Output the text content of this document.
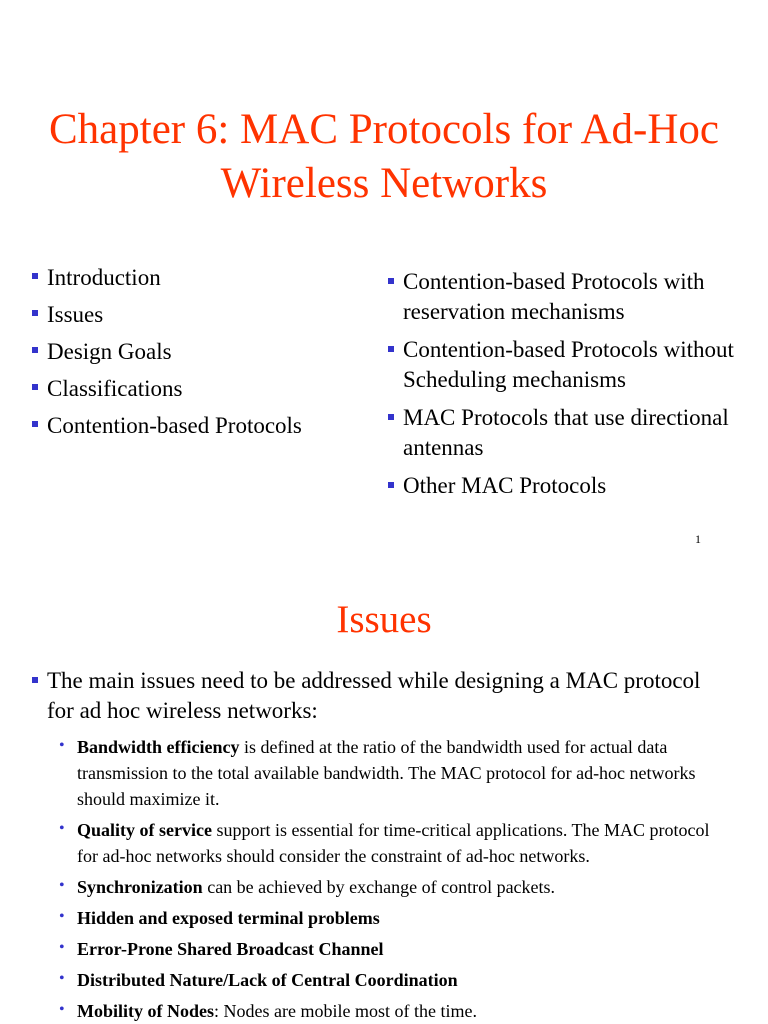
Chapter 6: MAC Protocols for Ad-Hoc
Wireless Networks
Introduction
Issues
Design Goals
Classifications
Contention-based Protocols
Contention-based Protocols with reservation mechanisms
Contention-based Protocols without Scheduling mechanisms
MAC Protocols that use directional antennas
Other MAC Protocols
1
Issues
The main issues need to be addressed while designing a MAC protocol for ad hoc wireless networks:
• Bandwidth efficiency is defined at the ratio of the bandwidth used for actual data transmission to the total available bandwidth. The MAC protocol for ad-hoc networks should maximize it.
• Quality of service support is essential for time-critical applications. The MAC protocol for ad-hoc networks should consider the constraint of ad-hoc networks.
• Synchronization can be achieved by exchange of control packets.
• Hidden and exposed terminal problems
• Error-Prone Shared Broadcast Channel
• Distributed Nature/Lack of Central Coordination
• Mobility of Nodes: Nodes are mobile most of the time.
